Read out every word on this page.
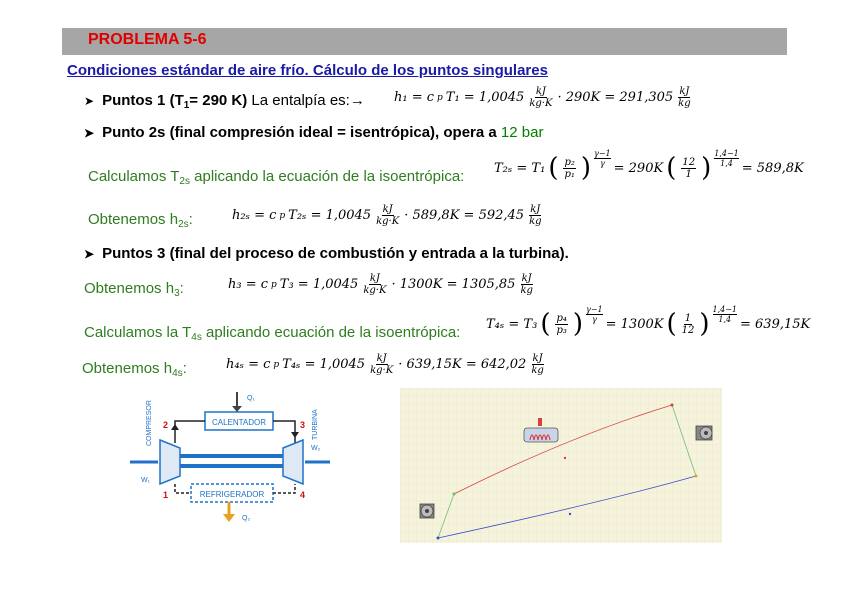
PROBLEMA 5-6
Condiciones estándar de aire frío. Cálculo de los puntos singulares
➤ Puntos 1 ($T_1= 290$ K) La entalpía es:→ h₁ = c p $T_1 = 1,0045 \frac{kJ}{kg\cdot K} \cdot 290K = 291,305 \frac{kJ}{kg}$
➤ Punto 2s (final compresión ideal = isentrópica), opera a 12 bar
Calculamos $T_{2s}$ aplicando la ecuación de la isoentrópica: T₂ₛ = T₁ ( $\frac{\text{p₂}}{\text{p₁}}$ ) $\frac{\gamma-1}{\gamma}$
= 290K ( $\frac{12}{1}$ ) $\frac{1,4-1}{1,4}$
= 589,8K
Obtenemos $h_{2s}$:	h₂ₛ = c p $T_{2s} = 1,0045 \frac{kJ}{kg\cdot K} \cdot 589,8K = 592,45 \frac{kJ}{kg}$
➤ Puntos 3 (final del proceso de combustión y entrada a la turbina).
Obtenemos $h_3$:	h₃ = c p $T_3 = 1,0045 \frac{kJ}{kg\cdot K} \cdot 1300K = 1305,85 \frac{kJ}{kg}$
Calculamos la $T_{4s}$ aplicando ecuación de la isoentrópica: T₄ₛ = T₃ ( $\frac{\text{p₄}}{\text{p₃}}$ ) $\frac{\gamma-1}{\gamma}$
= 1300K ( $\frac{1}{12}$ ) $\frac{1,4-1}{1,4}$
= 639,15K
Obtenemos $h_{4s}$:	h₄ₛ = c p $T_{4s} = 1,0045 \frac{kJ}{kg\cdot K} \cdot 639,15K = 642,02 \frac{kJ}{kg}$
CALENTADOR
Q₁
2	3
W₁
W₂
COMPRESOR	TURBINA
REFRIGERADOR
1	4
Q₂
